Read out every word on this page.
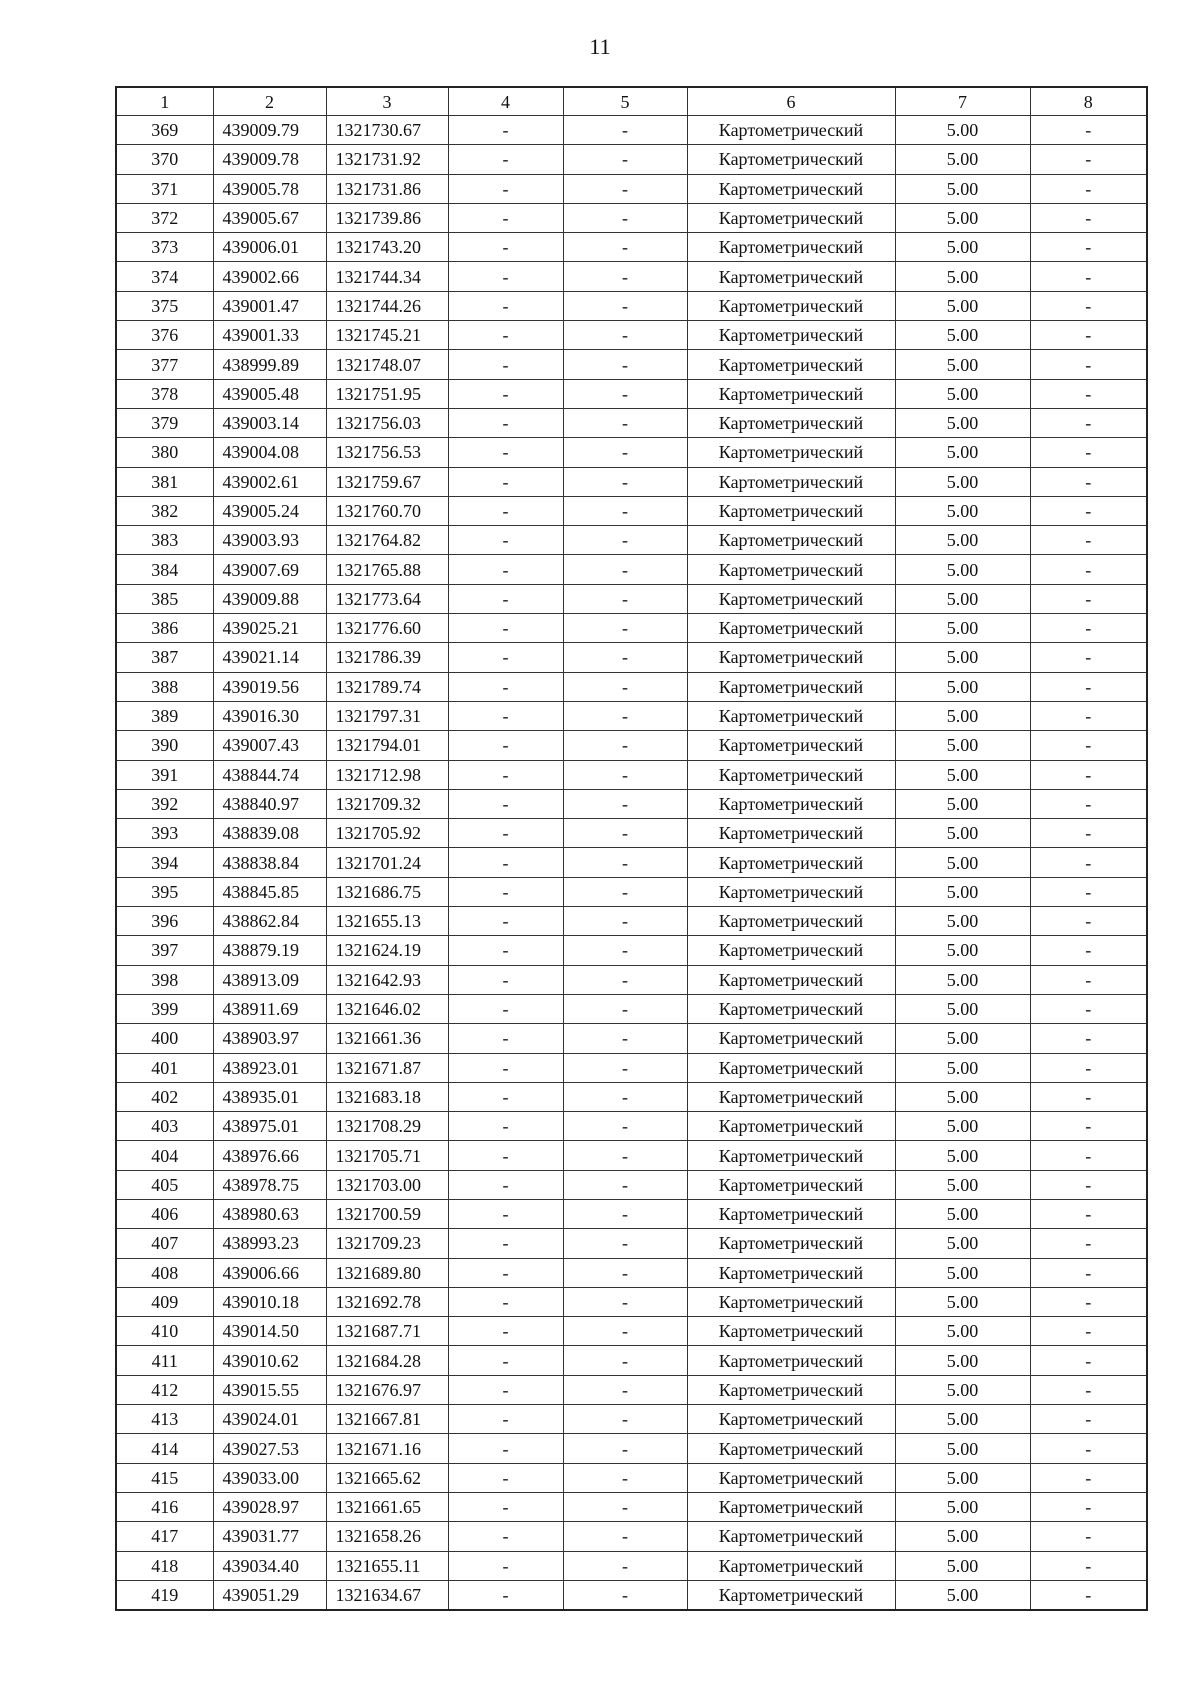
11
1	2	3	4	5	6	7	8
369	439009.79	1321730.67	-	-	Картометрический	5.00	-
370	439009.78	1321731.92	-	-	Картометрический	5.00	-
371	439005.78	1321731.86	-	-	Картометрический	5.00	-
372	439005.67	1321739.86	-	-	Картометрический	5.00	-
373	439006.01	1321743.20	-	-	Картометрический	5.00	-
374	439002.66	1321744.34	-	-	Картометрический	5.00	-
375	439001.47	1321744.26	-	-	Картометрический	5.00	-
376	439001.33	1321745.21	-	-	Картометрический	5.00	-
377	438999.89	1321748.07	-	-	Картометрический	5.00	-
378	439005.48	1321751.95	-	-	Картометрический	5.00	-
379	439003.14	1321756.03	-	-	Картометрический	5.00	-
380	439004.08	1321756.53	-	-	Картометрический	5.00	-
381	439002.61	1321759.67	-	-	Картометрический	5.00	-
382	439005.24	1321760.70	-	-	Картометрический	5.00	-
383	439003.93	1321764.82	-	-	Картометрический	5.00	-
384	439007.69	1321765.88	-	-	Картометрический	5.00	-
385	439009.88	1321773.64	-	-	Картометрический	5.00	-
386	439025.21	1321776.60	-	-	Картометрический	5.00	-
387	439021.14	1321786.39	-	-	Картометрический	5.00	-
388	439019.56	1321789.74	-	-	Картометрический	5.00	-
389	439016.30	1321797.31	-	-	Картометрический	5.00	-
390	439007.43	1321794.01	-	-	Картометрический	5.00	-
391	438844.74	1321712.98	-	-	Картометрический	5.00	-
392	438840.97	1321709.32	-	-	Картометрический	5.00	-
393	438839.08	1321705.92	-	-	Картометрический	5.00	-
394	438838.84	1321701.24	-	-	Картометрический	5.00	-
395	438845.85	1321686.75	-	-	Картометрический	5.00	-
396	438862.84	1321655.13	-	-	Картометрический	5.00	-
397	438879.19	1321624.19	-	-	Картометрический	5.00	-
398	438913.09	1321642.93	-	-	Картометрический	5.00	-
399	438911.69	1321646.02	-	-	Картометрический	5.00	-
400	438903.97	1321661.36	-	-	Картометрический	5.00	-
401	438923.01	1321671.87	-	-	Картометрический	5.00	-
402	438935.01	1321683.18	-	-	Картометрический	5.00	-
403	438975.01	1321708.29	-	-	Картометрический	5.00	-
404	438976.66	1321705.71	-	-	Картометрический	5.00	-
405	438978.75	1321703.00	-	-	Картометрический	5.00	-
406	438980.63	1321700.59	-	-	Картометрический	5.00	-
407	438993.23	1321709.23	-	-	Картометрический	5.00	-
408	439006.66	1321689.80	-	-	Картометрический	5.00	-
409	439010.18	1321692.78	-	-	Картометрический	5.00	-
410	439014.50	1321687.71	-	-	Картометрический	5.00	-
411	439010.62	1321684.28	-	-	Картометрический	5.00	-
412	439015.55	1321676.97	-	-	Картометрический	5.00	-
413	439024.01	1321667.81	-	-	Картометрический	5.00	-
414	439027.53	1321671.16	-	-	Картометрический	5.00	-
415	439033.00	1321665.62	-	-	Картометрический	5.00	-
416	439028.97	1321661.65	-	-	Картометрический	5.00	-
417	439031.77	1321658.26	-	-	Картометрический	5.00	-
418	439034.40	1321655.11	-	-	Картометрический	5.00	-
419	439051.29	1321634.67	-	-	Картометрический	5.00	-
